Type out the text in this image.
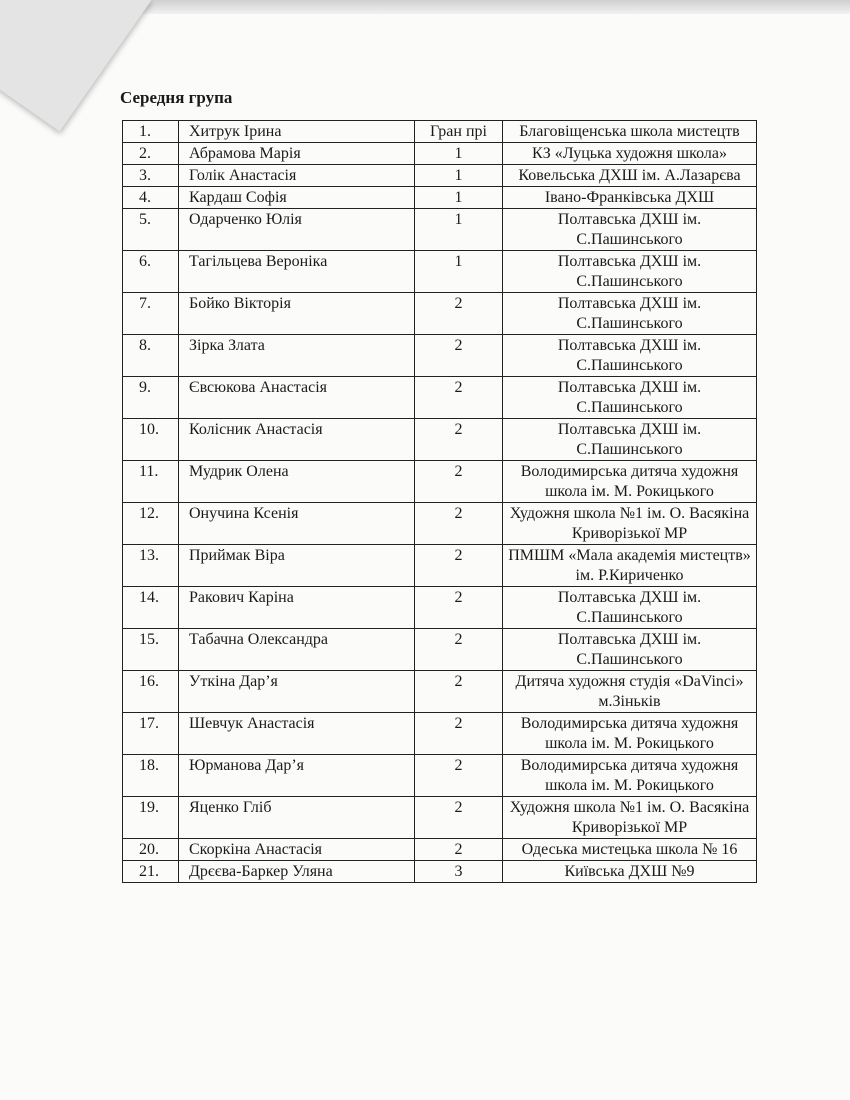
Середня група
1.	Хитрук Ірина	Гран прі	Благовіщенська школа мистецтв
2.	Абрамова Марія	1	КЗ «Луцька художня школа»
3.	Голік Анастасія	1	Ковельська ДХШ ім. А.Лазарєва
4.	Кардаш Софія	1	Івано-Франківська ДХШ
5.	Одарченко Юлія	1	Полтавська ДХШ ім. С.Пашинського
6.	Тагільцева Вероніка	1	Полтавська ДХШ ім. С.Пашинського
7.	Бойко Вікторія	2	Полтавська ДХШ ім. С.Пашинського
8.	Зірка Злата	2	Полтавська ДХШ ім. С.Пашинського
9.	Євсюкова Анастасія	2	Полтавська ДХШ ім. С.Пашинського
10.	Колісник Анастасія	2	Полтавська ДХШ ім. С.Пашинського
11.	Мудрик Олена	2	Володимирська дитяча художня школа ім. М. Рокицького
12.	Онучина Ксенія	2	Художня школа №1 ім. О. Васякіна Криворізької МР
13.	Приймак Віра	2	ПМШМ «Мала академія мистецтв» ім. Р.Кириченко
14.	Ракович Каріна	2	Полтавська ДХШ ім. С.Пашинського
15.	Табачна Олександра	2	Полтавська ДХШ ім. С.Пашинського
16.	Уткіна Дар’я	2	Дитяча художня студія «DaVinci» м.Зіньків
17.	Шевчук Анастасія	2	Володимирська дитяча художня школа ім. М. Рокицького
18.	Юрманова Дар’я	2	Володимирська дитяча художня школа ім. М. Рокицького
19.	Яценко Гліб	2	Художня школа №1 ім. О. Васякіна Криворізької МР
20.	Скоркіна Анастасія	2	Одеська мистецька школа № 16
21.	Дрєєва-Баркер Уляна	3	Київська ДХШ №9
